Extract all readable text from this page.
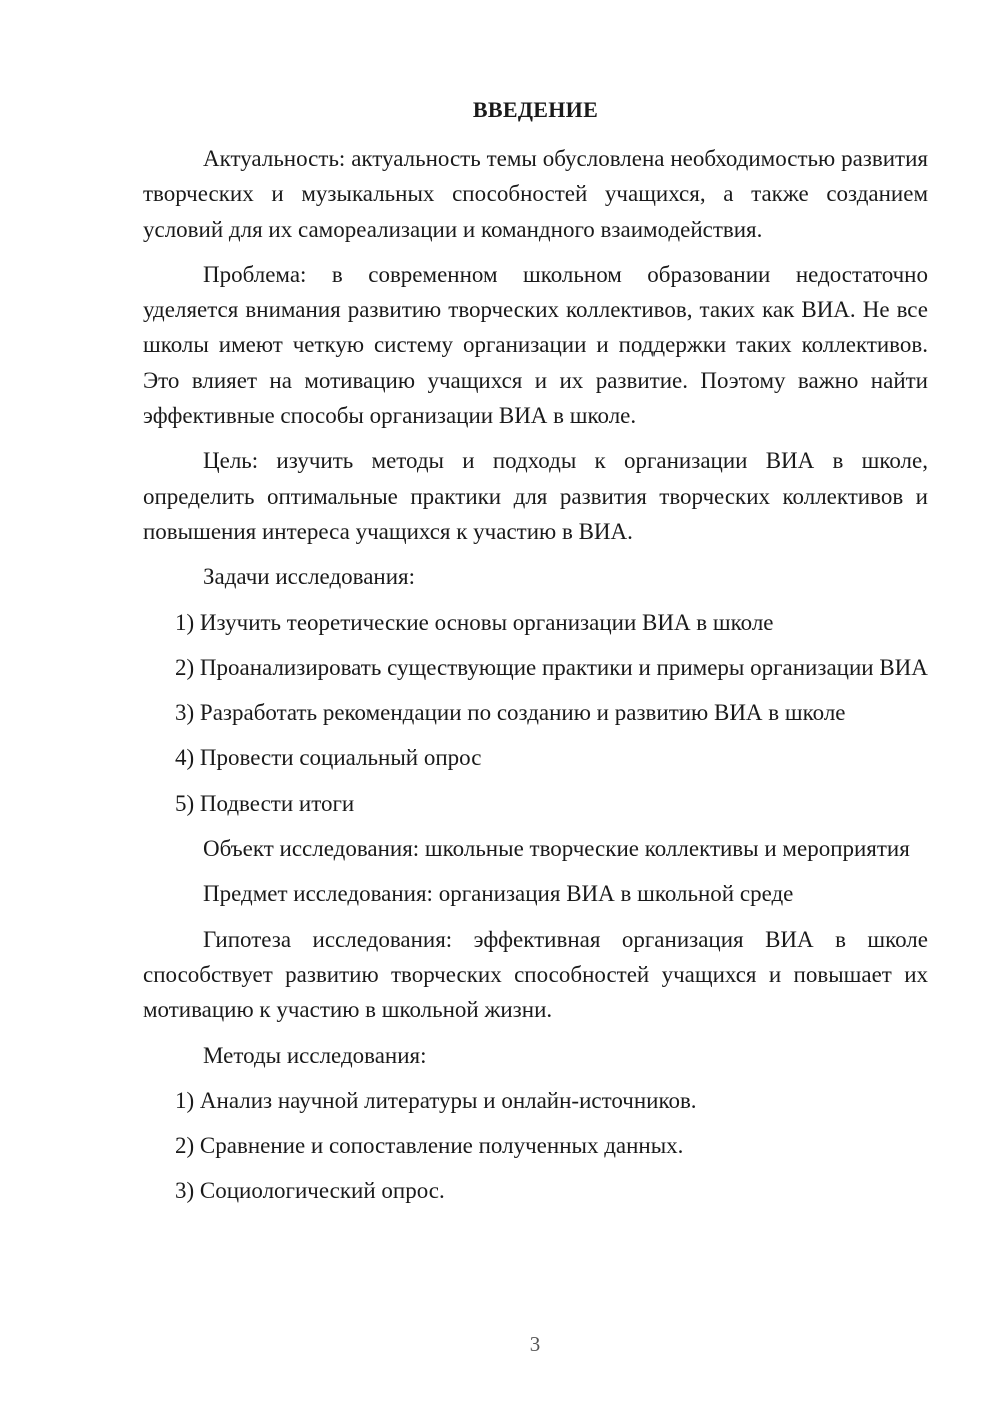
ВВЕДЕНИЕ

Актуальность: актуальность темы обусловлена необходимостью развития творческих и музыкальных способностей учащихся, а также созданием условий для их самореализации и командного взаимодействия.

Проблема: в современном школьном образовании недостаточно уделяется внимания развитию творческих коллективов, таких как ВИА. Не все школы имеют четкую систему организации и поддержки таких коллективов. Это влияет на мотивацию учащихся и их развитие. Поэтому важно найти эффективные способы организации ВИА в школе.

Цель: изучить методы и подходы к организации ВИА в школе, определить оптимальные практики для развития творческих коллективов и повышения интереса учащихся к участию в ВИА.

Задачи исследования:

1) Изучить теоретические основы организации ВИА в школе

2) Проанализировать существующие практики и примеры организации ВИА

3) Разработать рекомендации по созданию и развитию ВИА в школе

4) Провести социальный опрос

5) Подвести итоги

Объект исследования: школьные творческие коллективы и мероприятия

Предмет исследования: организация ВИА в школьной среде

Гипотеза исследования: эффективная организация ВИА в школе способствует развитию творческих способностей учащихся и повышает их мотивацию к участию в школьной жизни.

Методы исследования:

1) Анализ научной литературы и онлайн-источников.

2) Сравнение и сопоставление полученных данных.

3) Социологический опрос.

3
